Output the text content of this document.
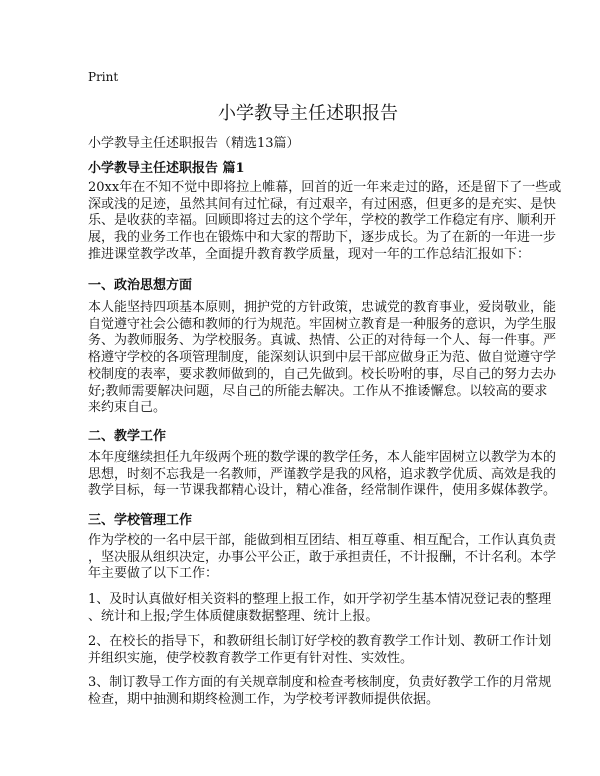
Print
小学教导主任述职报告
小学教导主任述职报告（精选13篇）
小学教导主任述职报告 篇1
20xx年在不知不觉中即将拉上帷幕，回首的近一年来走过的路，还是留下了一些或
深或浅的足迹，虽然其间有过忙碌，有过艰辛，有过困惑，但更多的是充实、是快
乐、是收获的幸福。回顾即将过去的这个学年，学校的教学工作稳定有序、顺利开
展，我的业务工作也在锻炼中和大家的帮助下，逐步成长。为了在新的一年进一步
推进课堂教学改革，全面提升教育教学质量，现对一年的工作总结汇报如下：
一、政治思想方面
本人能坚持四项基本原则，拥护党的方针政策，忠诚党的教育事业，爱岗敬业，能
自觉遵守社会公德和教师的行为规范。牢固树立教育是一种服务的意识，为学生服
务、为教师服务、为学校服务。真诚、热情、公正的对待每一个人、每一件事。严
格遵守学校的各项管理制度，能深刻认识到中层干部应做身正为范、做自觉遵守学
校制度的表率，要求教师做到的，自己先做到。校长吩咐的事，尽自己的努力去办
好;教师需要解决问题，尽自己的所能去解决。工作从不推诿懈怠。以较高的要求
来约束自己。
二、教学工作
本年度继续担任九年级两个班的数学课的教学任务，本人能牢固树立以教学为本的
思想，时刻不忘我是一名教师，严谨教学是我的风格，追求教学优质、高效是我的
教学目标，每一节课我都精心设计，精心准备，经常制作课件，使用多媒体教学。
三、学校管理工作
作为学校的一名中层干部，能做到相互团结、相互尊重、相互配合，工作认真负责
，坚决服从组织决定，办事公平公正，敢于承担责任，不计报酬，不计名利。本学
年主要做了以下工作：
1、及时认真做好相关资料的整理上报工作，如开学初学生基本情况登记表的整理
、统计和上报;学生体质健康数据整理、统计上报。
2、在校长的指导下，和教研组长制订好学校的教育教学工作计划、教研工作计划
并组织实施，使学校教育教学工作更有针对性、实效性。
3、制订教导工作方面的有关规章制度和检查考核制度，负责好教学工作的月常规
检查，期中抽测和期终检测工作，为学校考评教师提供依据。
